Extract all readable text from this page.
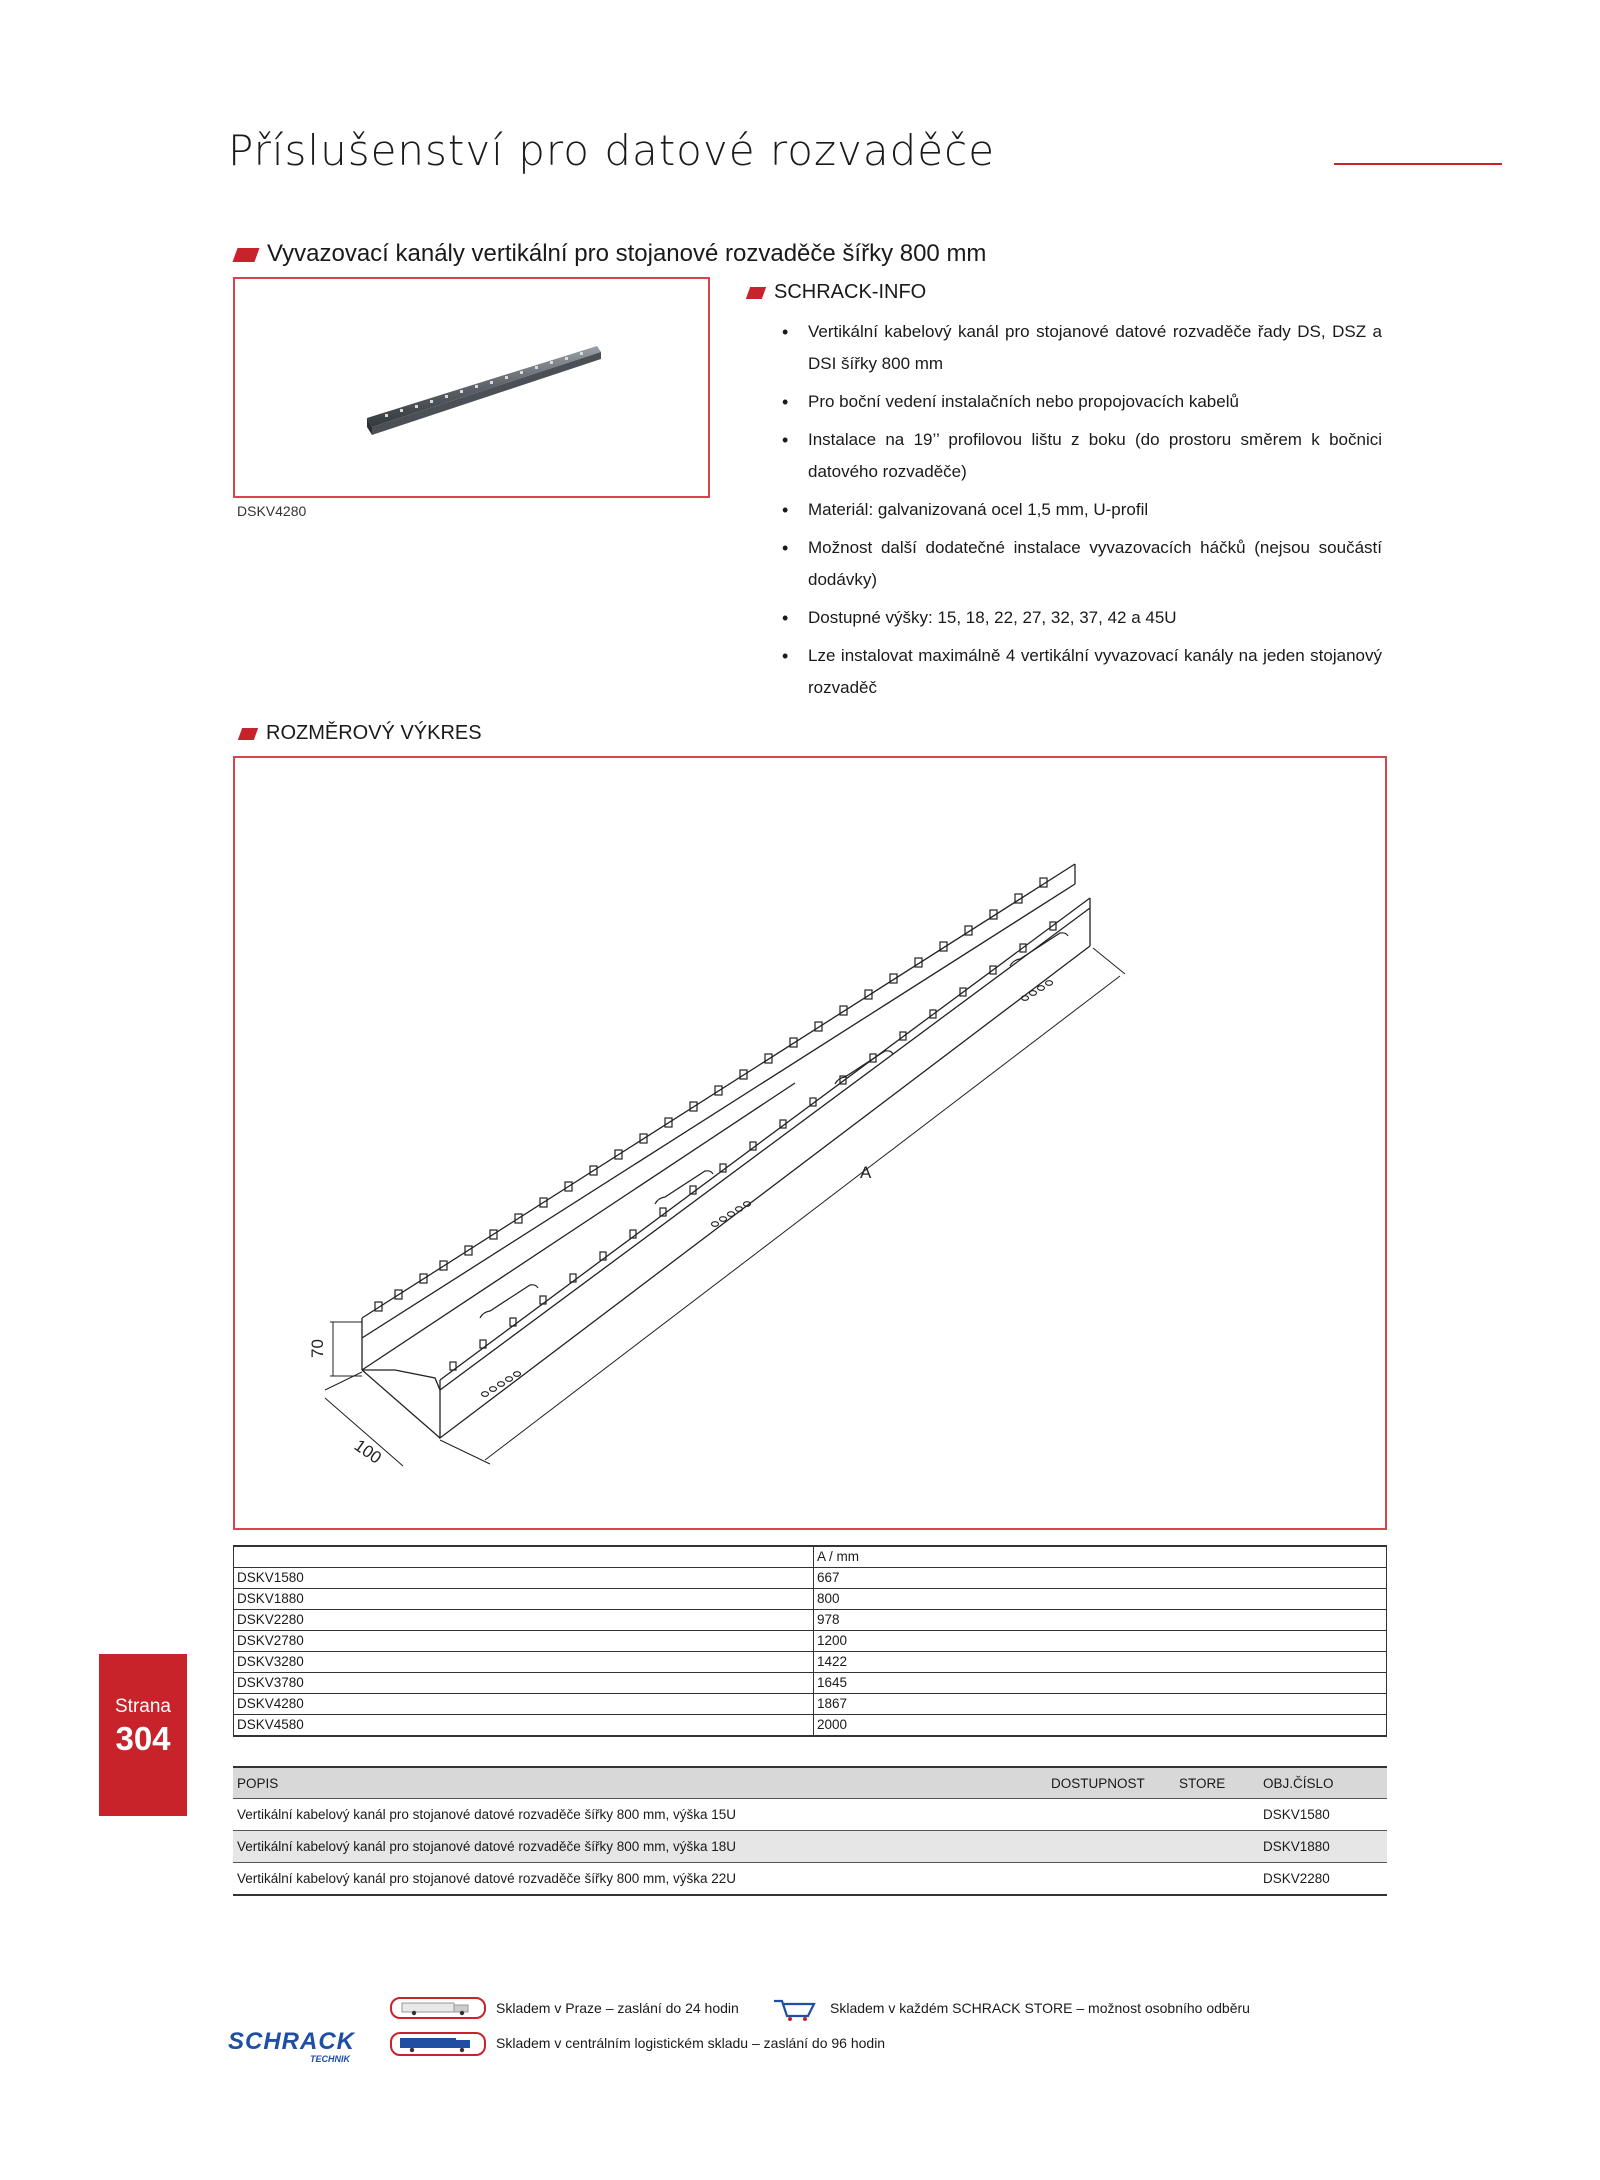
Příslušenství pro datové rozvaděče
Vyvazovací kanály vertikální pro stojanové rozvaděče šířky 800 mm
DSKV4280
SCHRACK-INFO
• Vertikální kabelový kanál pro stojanové datové rozvaděče řady DS, DSZ a DSI šířky 800 mm
• Pro boční vedení instalačních nebo propojovacích kabelů
• Instalace na 19’’ profilovou lištu z boku (do prostoru směrem k bočnici datového rozvaděče)
• Materiál: galvanizovaná ocel 1,5 mm, U-profil
• Možnost další dodatečné instalace vyvazovacích háčků (nejsou součástí dodávky)
• Dostupné výšky: 15, 18, 22, 27, 32, 37, 42 a 45U
• Lze instalovat maximálně 4 vertikální vyvazovací kanály na jeden stojanový rozvaděč
ROZMĚROVÝ VÝKRES
70
100
A
	A / mm
DSKV1580	667
DSKV1880	800
DSKV2280	978
DSKV2780	1200
DSKV3280	1422
DSKV3780	1645
DSKV4280	1867
DSKV4580	2000
Strana
304
POPIS	DOSTUPNOST	STORE	OBJ.ČÍSLO
Vertikální kabelový kanál pro stojanové datové rozvaděče šířky 800 mm, výška 15U			DSKV1580
Vertikální kabelový kanál pro stojanové datové rozvaděče šířky 800 mm, výška 18U			DSKV1880
Vertikální kabelový kanál pro stojanové datové rozvaděče šířky 800 mm, výška 22U			DSKV2280
SCHRACK
TECHNIK
Skladem v Praze – zaslání do 24 hodin	Skladem v každém SCHRACK STORE – možnost osobního odběru
Skladem v centrálním logistickém skladu – zaslání do 96 hodin
